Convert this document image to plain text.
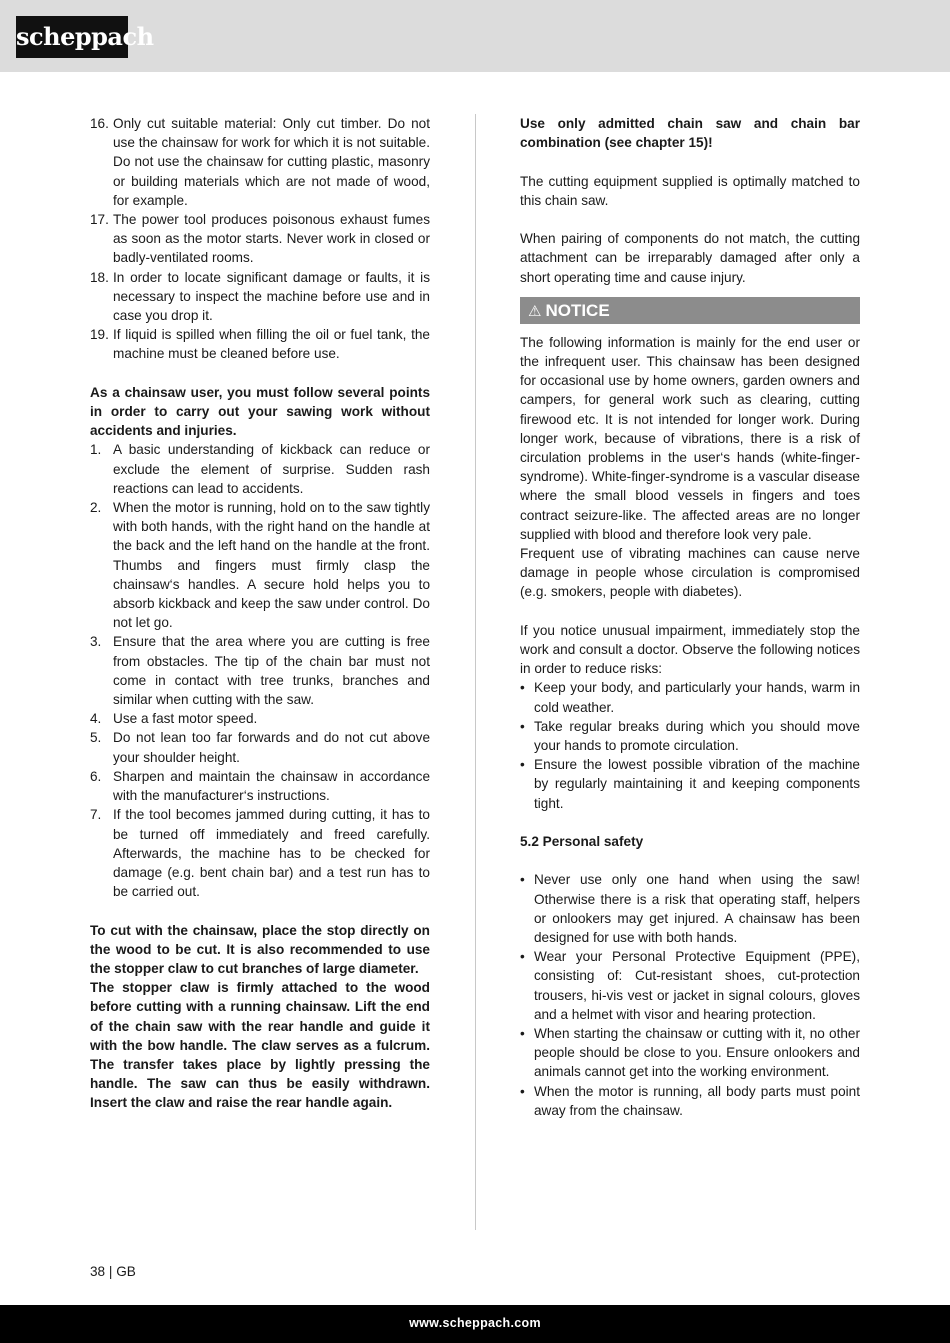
scheppach
16. Only cut suitable material: Only cut timber. Do not use the chainsaw for work for which it is not suitable. Do not use the chainsaw for cutting plastic, masonry or building materials which are not made of wood, for example.
17. The power tool produces poisonous exhaust fumes as soon as the motor starts. Never work in closed or badly-ventilated rooms.
18. In order to locate significant damage or faults, it is necessary to inspect the machine before use and in case you drop it.
19. If liquid is spilled when filling the oil or fuel tank, the machine must be cleaned before use.

As a chainsaw user, you must follow several points in order to carry out your sawing work without accidents and injuries.

1. A basic understanding of kickback can reduce or exclude the element of surprise. Sudden rash reactions can lead to accidents.
2. When the motor is running, hold on to the saw tightly with both hands, with the right hand on the handle at the back and the left hand on the handle at the front. Thumbs and fingers must firmly clasp the chainsaw‘s handles. A secure hold helps you to absorb kickback and keep the saw under control. Do not let go.
3. Ensure that the area where you are cutting is free from obstacles. The tip of the chain bar must not come in contact with tree trunks, branches and similar when cutting with the saw.
4. Use a fast motor speed.
5. Do not lean too far forwards and do not cut above your shoulder height.
6. Sharpen and maintain the chainsaw in accordance with the manufacturer‘s instructions.
7. If the tool becomes jammed during cutting, it has to be turned off immediately and freed carefully. Afterwards, the machine has to be checked for damage (e.g. bent chain bar) and a test run has to be carried out.

To cut with the chainsaw, place the stop directly on the wood to be cut. It is also recommended to use the stopper claw to cut branches of large diameter.

The stopper claw is firmly attached to the wood before cutting with a running chainsaw. Lift the end of the chain saw with the rear handle and guide it with the bow handle. The claw serves as a fulcrum. The transfer takes place by lightly pressing the handle. The saw can thus be easily withdrawn. Insert the claw and raise the rear handle again.

Use only admitted chain saw and chain bar combination (see chapter 15)!

The cutting equipment supplied is optimally matched to this chain saw.

When pairing of components do not match, the cutting attachment can be irreparably damaged after only a short operating time and cause injury.

⚠ NOTICE

The following information is mainly for the end user or the infrequent user. This chainsaw has been designed for occasional use by home owners, garden owners and campers, for general work such as clearing, cutting firewood etc. It is not intended for longer work. During longer work, because of vibrations, there is a risk of circulation problems in the user‘s hands (white-finger-syndrome). White-finger-syndrome is a vascular disease where the small blood vessels in fingers and toes contract seizure-like. The affected areas are no longer supplied with blood and therefore look very pale.

Frequent use of vibrating machines can cause nerve damage in people whose circulation is compromised (e.g. smokers, people with diabetes).

If you notice unusual impairment, immediately stop the work and consult a doctor. Observe the following notices in order to reduce risks:

• Keep your body, and particularly your hands, warm in cold weather.
• Take regular breaks during which you should move your hands to promote circulation.
• Ensure the lowest possible vibration of the machine by regularly maintaining it and keeping components tight.

5.2 Personal safety

• Never use only one hand when using the saw! Otherwise there is a risk that operating staff, helpers or onlookers may get injured. A chainsaw has been designed for use with both hands.
• Wear your Personal Protective Equipment (PPE), consisting of: Cut-resistant shoes, cut-protection trousers, hi-vis vest or jacket in signal colours, gloves and a helmet with visor and hearing protection.
• When starting the chainsaw or cutting with it, no other people should be close to you. Ensure onlookers and animals cannot get into the working environment.
• When the motor is running, all body parts must point away from the chainsaw.
38 | GB
www.scheppach.com
